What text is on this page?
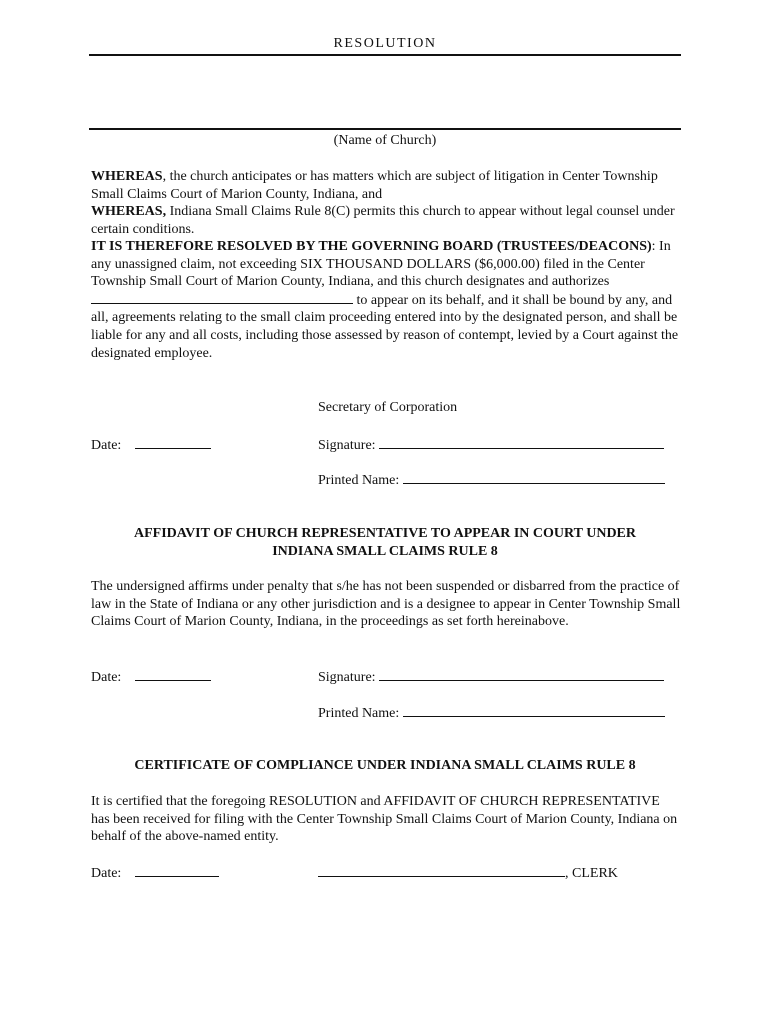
RESOLUTION
(Name of Church)

WHEREAS, the church anticipates or has matters which are subject of litigation in Center Township Small Claims Court of Marion County, Indiana, and

WHEREAS, Indiana Small Claims Rule 8(C) permits this church to appear without legal counsel under certain conditions.

IT IS THEREFORE RESOLVED BY THE GOVERNING BOARD (TRUSTEES/DEACONS): In any unassigned claim, not exceeding SIX THOUSAND DOLLARS ($6,000.00) filed in the Center Township Small Court of Marion County, Indiana, and this church designates and authorizes  to appear on its behalf, and it shall be bound by any, and all, agreements relating to the small claim proceeding entered into by the designated person, and shall be liable for any and all costs, including those assessed by reason of contempt, levied by a Court against the designated employee.

Secretary of Corporation
Date:	Signature:
Printed Name:

AFFIDAVIT OF CHURCH REPRESENTATIVE TO APPEAR IN COURT UNDER
INDIANA SMALL CLAIMS RULE 8

The undersigned affirms under penalty that s/he has not been suspended or disbarred from the practice of law in the State of Indiana or any other jurisdiction and is a designee to appear in Center Township Small Claims Court of Marion County, Indiana, in the proceedings as set forth hereinabove.

Date:	Signature:
Printed Name:

CERTIFICATE OF COMPLIANCE UNDER INDIANA SMALL CLAIMS RULE 8

It is certified that the foregoing RESOLUTION and AFFIDAVIT OF CHURCH REPRESENTATIVE has been received for filing with the Center Township Small Claims Court of Marion County, Indiana on behalf of the above-named entity.

Date:	, CLERK
